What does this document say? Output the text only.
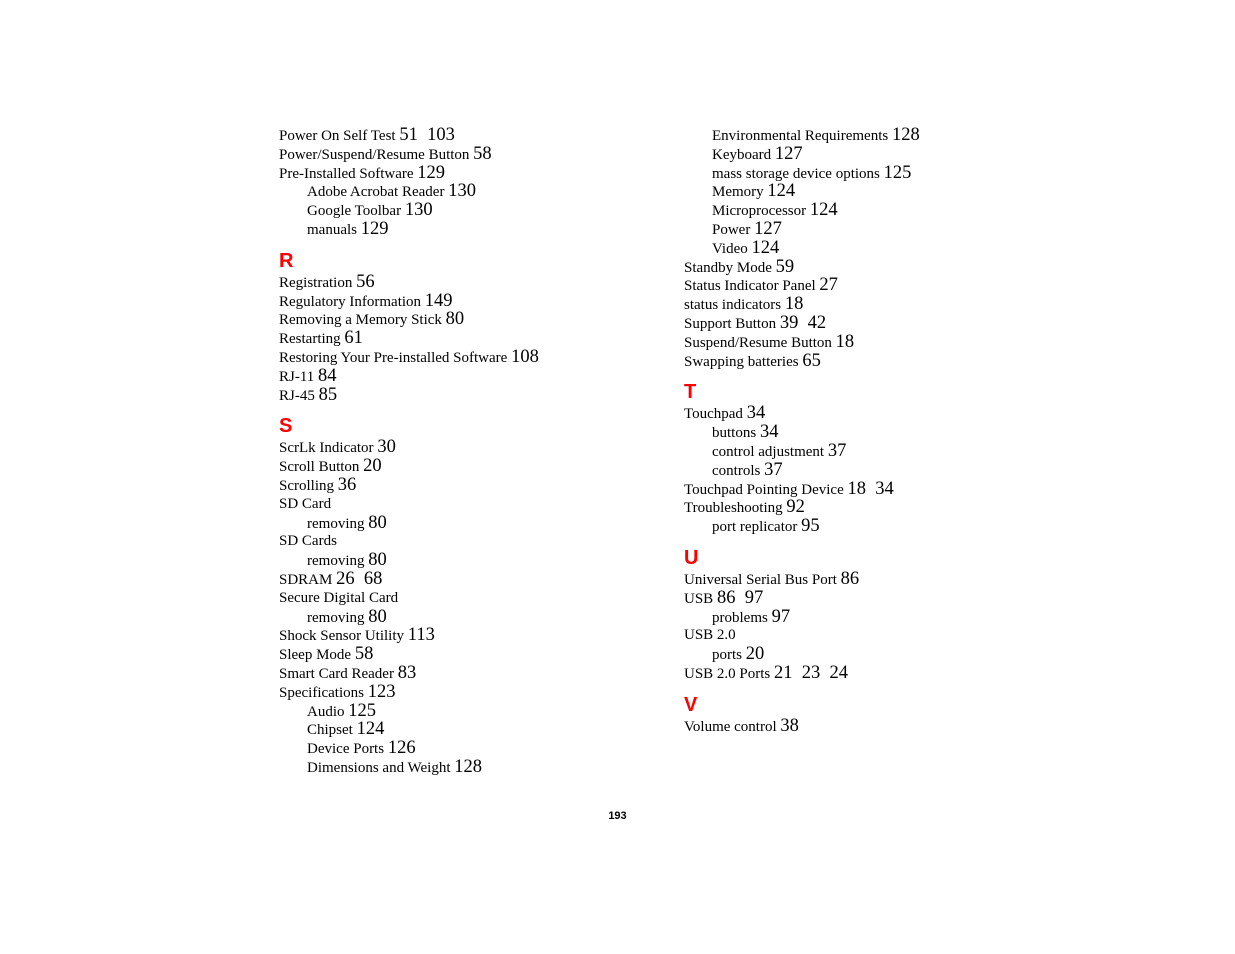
Power On Self Test 51  103
Power/Suspend/Resume Button 58
Pre-Installed Software 129
Adobe Acrobat Reader 130
Google Toolbar 130
manuals 129
R
Registration 56
Regulatory Information 149
Removing a Memory Stick 80
Restarting 61
Restoring Your Pre-installed Software 108
RJ-11 84
RJ-45 85
S
ScrLk Indicator 30
Scroll Button 20
Scrolling 36
SD Card
removing 80
SD Cards
removing 80
SDRAM 26  68
Secure Digital Card
removing 80
Shock Sensor Utility 113
Sleep Mode 58
Smart Card Reader 83
Specifications 123
Audio 125
Chipset 124
Device Ports 126
Dimensions and Weight 128
Environmental Requirements 128
Keyboard 127
mass storage device options 125
Memory 124
Microprocessor 124
Power 127
Video 124
Standby Mode 59
Status Indicator Panel 27
status indicators 18
Support Button 39  42
Suspend/Resume Button 18
Swapping batteries 65
T
Touchpad 34
buttons 34
control adjustment 37
controls 37
Touchpad Pointing Device 18  34
Troubleshooting 92
port replicator 95
U
Universal Serial Bus Port 86
USB 86  97
problems 97
USB 2.0
ports 20
USB 2.0 Ports 21  23  24
V
Volume control 38
193
